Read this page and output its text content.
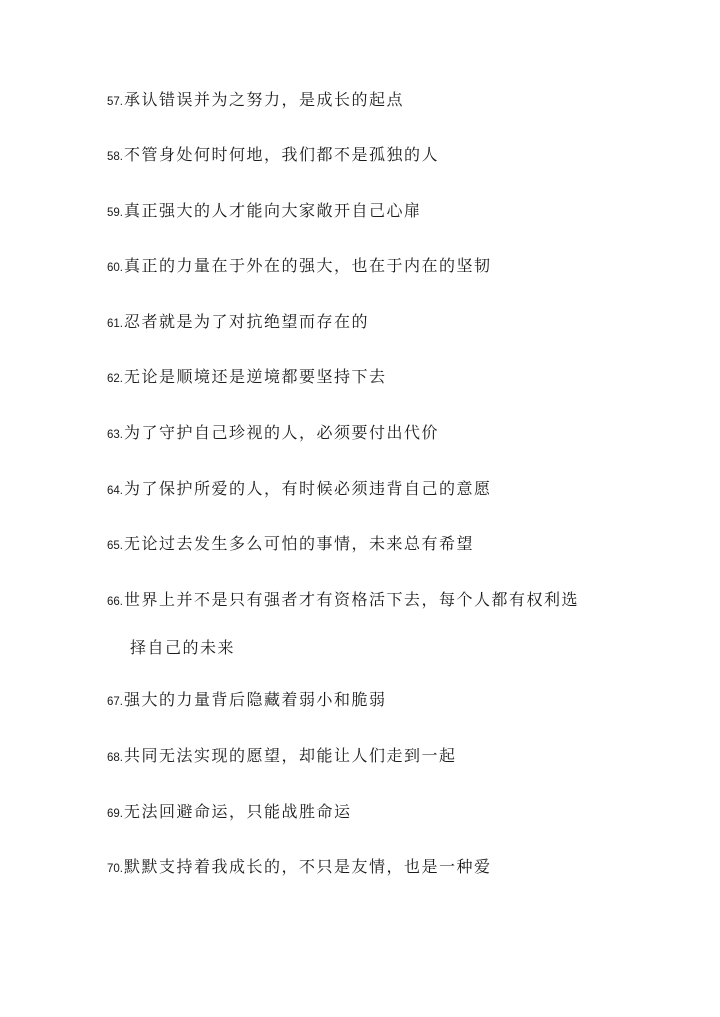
57.承认错误并为之努力，是成长的起点
58.不管身处何时何地，我们都不是孤独的人
59.真正强大的人才能向大家敞开自己心扉
60.真正的力量在于外在的强大，也在于内在的坚韧
61.忍者就是为了对抗绝望而存在的
62.无论是顺境还是逆境都要坚持下去
63.为了守护自己珍视的人，必须要付出代价
64.为了保护所爱的人，有时候必须违背自己的意愿
65.无论过去发生多么可怕的事情，未来总有希望
66.世界上并不是只有强者才有资格活下去，每个人都有权利选
择自己的未来
67.强大的力量背后隐藏着弱小和脆弱
68.共同无法实现的愿望，却能让人们走到一起
69.无法回避命运，只能战胜命运
70.默默支持着我成长的，不只是友情，也是一种爱
